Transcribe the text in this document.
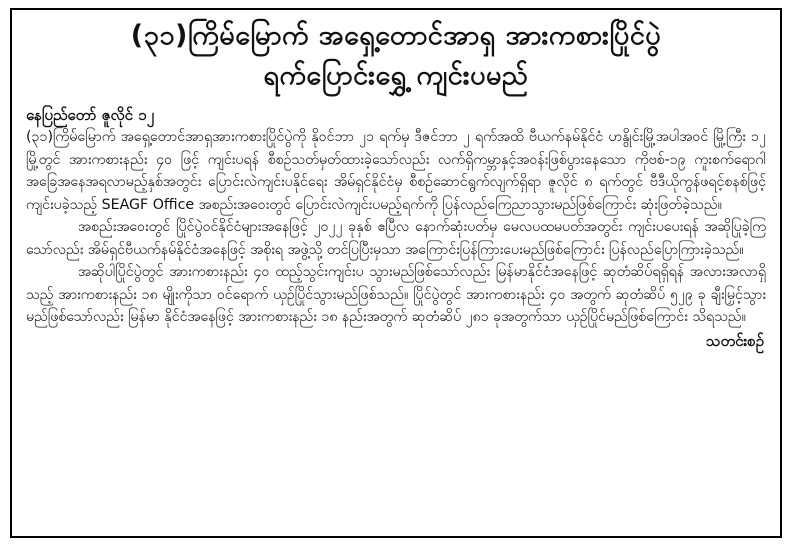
(၃၁)ကြိမ်မြောက် အရှေ့တောင်အာရှ အားကစားပြိုင်ပွဲ
ရက်ပြောင်းရွှေ့ ကျင်းပမည်
နေပြည်တော် ဇူလိုင် ၁၂

(၃၁)ကြိမ်မြောက် အရှေ့တောင်အာရှအားကစားပြိုင်ပွဲကို နိုဝင်ဘာ ၂၁ ရက်မှ ဒီဇင်ဘာ ၂ ရက်အထိ ဗီယက်နမ်နိုင်ငံ ဟနွိုင်းမြို့အပါအဝင် မြို့ကြီး ၁၂ မြို့တွင် အားကစားနည်း ၄၀ ဖြင့် ကျင်းပရန် စီစဉ်သတ်မှတ်ထားခဲ့သော်လည်း လက်ရှိကမ္ဘာနှင့်အဝန်းဖြစ်ပွားနေသော ကိုဗစ်-၁၉ ကူးစက်ရောဂါအခြေအနေအရလာမည့်နှစ်အတွင်း ပြောင်းလဲကျင်းပနိုင်ရေး အိမ်ရှင်နိုင်ငံမှ စီစဉ်ဆောင်ရွက်လျက်ရှိရာ ဇူလိုင် ၈ ရက်တွင် ဗီဒီယိုကွန်ဖရင့်စနစ်ဖြင့် ကျင်းပခဲ့သည့် SEAGF Office အစည်းအဝေးတွင် ပြောင်းလဲကျင်းပမည့်ရက်ကို ပြန်လည်ကြေညာသွားမည်ဖြစ်ကြောင်း ဆုံးဖြတ်ခဲ့သည်။

အစည်းအဝေးတွင် ပြိုင်ပွဲဝင်နိုင်ငံများအနေဖြင့် ၂၀၂၂ ခုနှစ် ဧပြီလ နောက်ဆုံးပတ်မှ မေလပထမပတ်အတွင်း ကျင်းပပေးရန် အဆိုပြုခဲ့ကြသော်လည်း အိမ်ရှင်ဗီယက်နမ်နိုင်ငံအနေဖြင့် အစိုးရ အဖွဲ့သို့ တင်ပြပြီးမှသာ အကြောင်းပြန်ကြားပေးမည်ဖြစ်ကြောင်း ပြန်လည်ပြောကြားခဲ့သည်။

အဆိုပါပြိုင်ပွဲတွင် အားကစားနည်း ၄၀ ထည့်သွင်းကျင်းပ သွားမည်ဖြစ်သော်လည်း မြန်မာနိုင်ငံအနေဖြင့် ဆုတံဆိပ်ရရှိရန် အလားအလာရှိသည့် အားကစားနည်း ၁၈ မျိုးကိုသာ ဝင်ရောက် ယှဉ်ပြိုင်သွားမည်ဖြစ်သည်။ ပြိုင်ပွဲတွင် အားကစားနည်း ၄၀ အတွက် ဆုတံဆိပ် ၅၂၉ ခု ချီးမြှင့်သွားမည်ဖြစ်သော်လည်း မြန်မာ နိုင်ငံအနေဖြင့် အားကစားနည်း ၁၈ နည်းအတွက် ဆုတံဆိပ် ၂၈၁ ခုအတွက်သာ ယှဉ်ပြိုင်မည်ဖြစ်ကြောင်း သိရသည်။

သတင်းစဉ်
